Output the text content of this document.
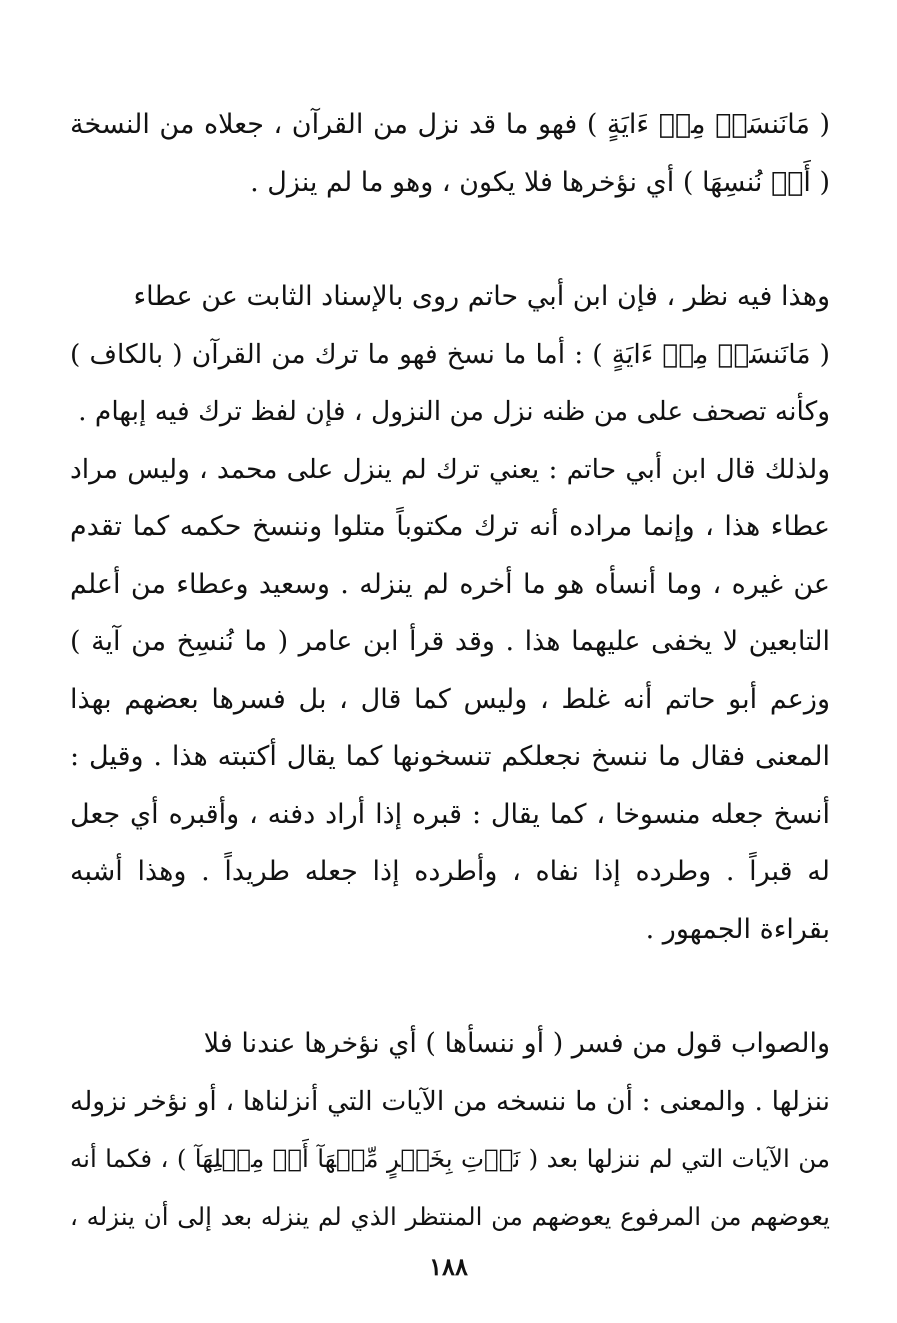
( مَانَنسَخۡ مِنۡ ءَايَةٍ ) فهو ما قد نزل من القرآن ، جعلاه من النسخة
( أَوۡ نُنسِهَا ) أي نؤخرها فلا يكون ، وهو ما لم ينزل .
وهذا فيه نظر ، فإن ابن أبي حاتم روى بالإسناد الثابت عن عطاء
( مَانَنسَخۡ مِنۡ ءَايَةٍ ) : أما ما نسخ فهو ما ترك من القرآن ( بالكاف )
وكأنه تصحف على من ظنه نزل من النزول ، فإن لفظ ترك فيه إبهام .
ولذلك قال ابن أبي حاتم : يعني ترك لم ينزل على محمد ، وليس مراد
عطاء هذا ، وإنما مراده أنه ترك مكتوباً متلوا وننسخ حكمه كما تقدم
عن غيره ، وما أنسأه هو ما أخره لم ينزله . وسعيد وعطاء من أعلم
التابعين لا يخفى عليهما هذا . وقد قرأ ابن عامر ( ما نُنسِخ من آية )
وزعم أبو حاتم أنه غلط ، وليس كما قال ، بل فسرها بعضهم بهذا
المعنى فقال ما ننسخ نجعلكم تنسخونها كما يقال أكتبته هذا . وقيل :
أنسخ جعله منسوخا ، كما يقال : قبره إذا أراد دفنه ، وأقبره أي جعل
له قبراً . وطرده إذا نفاه ، وأطرده إذا جعله طريداً . وهذا أشبه
بقراءة الجمهور .
والصواب قول من فسر ( أو ننسأها ) أي نؤخرها عندنا فلا
ننزلها . والمعنى : أن ما ننسخه من الآيات التي أنزلناها ، أو نؤخر نزوله
من الآيات التي لم ننزلها بعد ( نَأۡتِ بِخَيۡرٍ مِّنۡهَآ أَوۡ مِثۡلِهَآ ) ، فكما أنه
يعوضهم من المرفوع يعوضهم من المنتظر الذي لم ينزله بعد إلى أن ينزله ،
١٨٨
